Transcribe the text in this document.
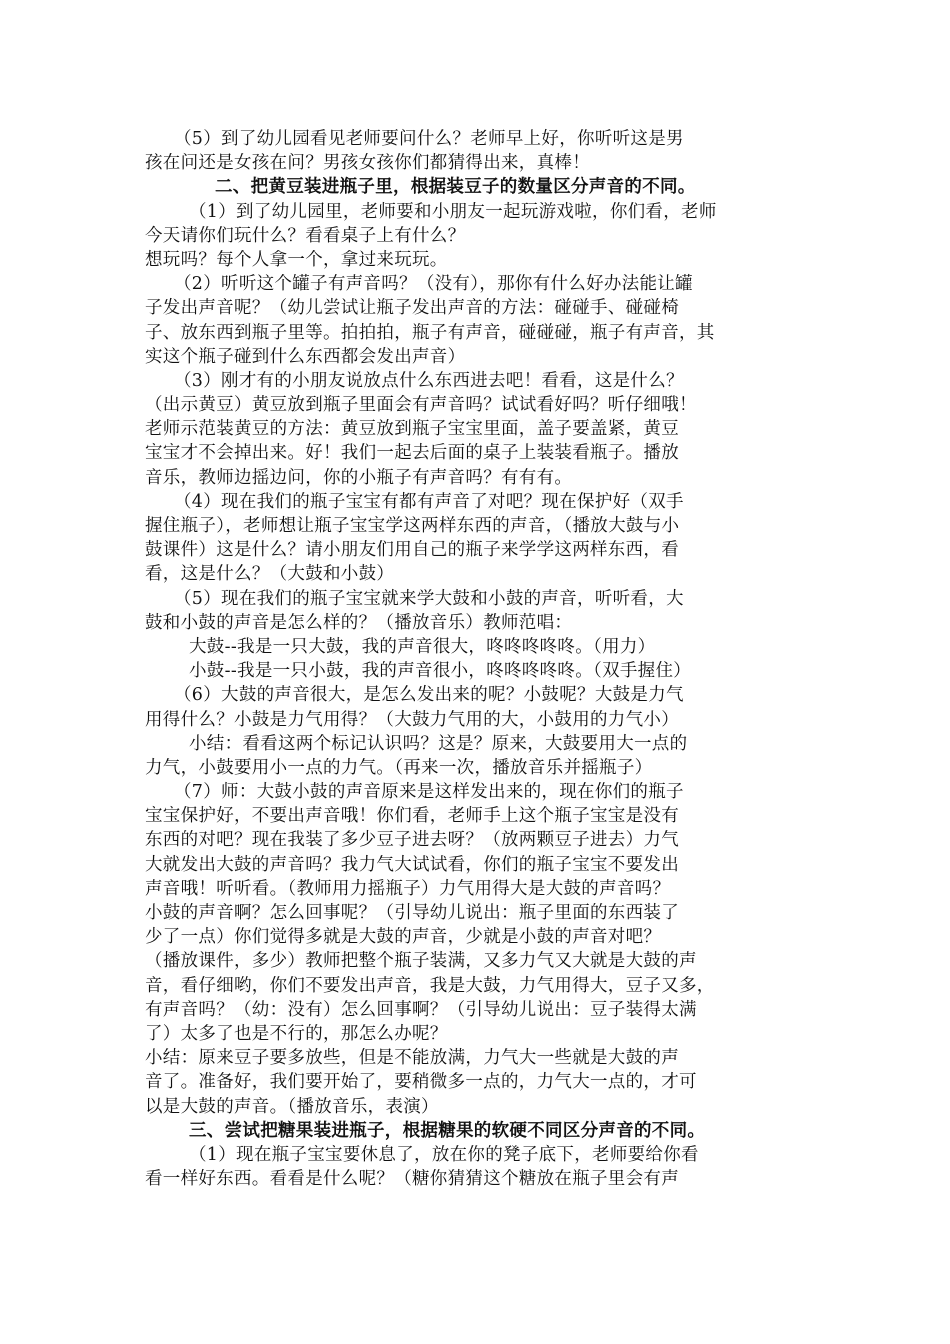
（5）到了幼儿园看见老师要问什么？老师早上好，你听听这是男
孩在问还是女孩在问？男孩女孩你们都猜得出来，真棒！
二、把黄豆装进瓶子里，根据装豆子的数量区分声音的不同。
（1）到了幼儿园里，老师要和小朋友一起玩游戏啦，你们看，老师
今天请你们玩什么？看看桌子上有什么？
想玩吗？每个人拿一个，拿过来玩玩。
（2）听听这个罐子有声音吗？（没有），那你有什么好办法能让罐
子发出声音呢？（幼儿尝试让瓶子发出声音的方法：碰碰手、碰碰椅
子、放东西到瓶子里等。拍拍拍，瓶子有声音，碰碰碰，瓶子有声音，其
实这个瓶子碰到什么东西都会发出声音）
（3）刚才有的小朋友说放点什么东西进去吧！看看，这是什么？
（出示黄豆）黄豆放到瓶子里面会有声音吗？试试看好吗？听仔细哦！
老师示范装黄豆的方法：黄豆放到瓶子宝宝里面，盖子要盖紧，黄豆
宝宝才不会掉出来。好！我们一起去后面的桌子上装装看瓶子。播放
音乐，教师边摇边问，你的小瓶子有声音吗？有有有。
（4）现在我们的瓶子宝宝有都有声音了对吧？现在保护好（双手
握住瓶子），老师想让瓶子宝宝学这两样东西的声音，（播放大鼓与小
鼓课件）这是什么？请小朋友们用自己的瓶子来学学这两样东西，看
看，这是什么？（大鼓和小鼓）
（5）现在我们的瓶子宝宝就来学大鼓和小鼓的声音，听听看，大
鼓和小鼓的声音是怎么样的？（播放音乐）教师范唱：
大鼓--我是一只大鼓，我的声音很大，咚咚咚咚咚。（用力）
小鼓--我是一只小鼓，我的声音很小，咚咚咚咚咚。（双手握住）
（6）大鼓的声音很大，是怎么发出来的呢？小鼓呢？大鼓是力气
用得什么？小鼓是力气用得？（大鼓力气用的大，小鼓用的力气小）
小结：看看这两个标记认识吗？这是？原来，大鼓要用大一点的
力气，小鼓要用小一点的力气。（再来一次，播放音乐并摇瓶子）
（7）师：大鼓小鼓的声音原来是这样发出来的，现在你们的瓶子
宝宝保护好，不要出声音哦！你们看，老师手上这个瓶子宝宝是没有
东西的对吧？现在我装了多少豆子进去呀？（放两颗豆子进去）力气
大就发出大鼓的声音吗？我力气大试试看，你们的瓶子宝宝不要发出
声音哦！听听看。（教师用力摇瓶子）力气用得大是大鼓的声音吗？
小鼓的声音啊？怎么回事呢？（引导幼儿说出：瓶子里面的东西装了
少了一点）你们觉得多就是大鼓的声音，少就是小鼓的声音对吧？
（播放课件，多少）教师把整个瓶子装满，又多力气又大就是大鼓的声
音，看仔细哟，你们不要发出声音，我是大鼓，力气用得大，豆子又多，
有声音吗？（幼：没有）怎么回事啊？（引导幼儿说出：豆子装得太满
了）太多了也是不行的，那怎么办呢？
小结：原来豆子要多放些，但是不能放满，力气大一些就是大鼓的声
音了。准备好，我们要开始了，要稍微多一点的，力气大一点的，才可
以是大鼓的声音。（播放音乐，表演）
三、尝试把糖果装进瓶子，根据糖果的软硬不同区分声音的不同。
（1）现在瓶子宝宝要休息了，放在你的凳子底下，老师要给你看
看一样好东西。看看是什么呢？（糖你猜猜这个糖放在瓶子里会有声
